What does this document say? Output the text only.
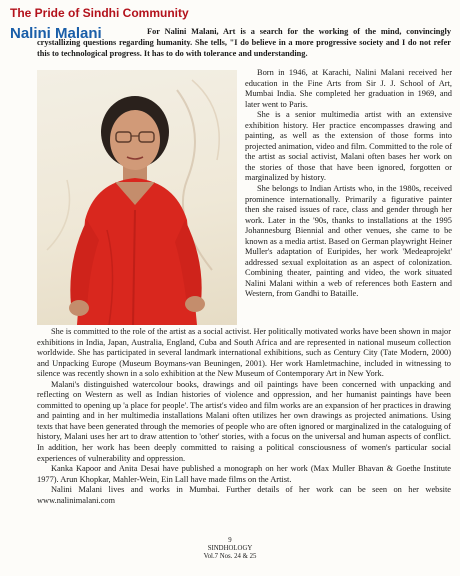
The Pride of Sindhi Community
Nalini Malani	For Nalini Malani, Art is a search for the working of the mind, convincingly crystallizing questions regarding humanity. She tells, "I do believe in a more progressive society and I do not refer this to technological progress. It has to do with tolerance and understanding.

Born in 1946, at Karachi, Nalini Malani received her education in the Fine Arts from Sir J. J. School of Art, Mumbai India. She completed her graduation in 1969, and later went to Paris.

She is a senior multimedia artist with an extensive exhibition history. Her practice encompasses drawing and painting, as well as the extension of those forms into projected animation, video and film. Committed to the role of the artist as social activist, Malani often bases her work on the stories of those that have been ignored, forgotten or marginalized by history.

She belongs to Indian Artists who, in the 1980s, received prominence internationally. Primarily a figurative painter then she raised issues of race, class and gender through her work. Later in the '90s, thanks to installations at the 1995 Johannesburg Biennial and other venues, she came to be known as a media artist. Based on German playwright Heiner Muller's adaptation of Euripides, her work 'Medeaprojekt' addressed sexual exploitation as an aspect of colonization. Combining theater, painting and video, the work situated Nalini Malani within a web of references both Eastern and Western, from Gandhi to Bataille.

She is committed to the role of the artist as a social activist. Her politically motivated works have been shown in major exhibitions in India, Japan, Australia, England, Cuba and South Africa and are represented in national museum collection worldwide. She has participated in several landmark international exhibitions, such as Century City (Tate Modern, 2000) and Unpacking Europe (Museum Boymans-van Beuningen, 2001). Her work Hamletmachine, included in witnessing to silence was recently shown in a solo exhibition at the New Museum of Contemporary Art in New York.

Malani's distinguished watercolour books, drawings and oil paintings have been concerned with unpacking and reflecting on Western as well as Indian histories of violence and oppression, and her humanist paintings have been committed to opening up 'a place for people'. The artist's video and film works are an expansion of her practices in drawing and painting and in her multimedia installations Malani often utilizes her own drawings as projected animations. Using texts that have been generated through the memories of people who are often ignored or marginalized in the cataloguing of history, Malani uses her art to draw attention to 'other' stories, with a focus on the universal and human aspects of conflict. In addition, her work has been deeply committed to raising a political consciousness of women's particular social experiences of vulnerability and oppression.

Kanka Kapoor and Anita Desai have published a monograph on her work (Max Muller Bhavan & Goethe Institute 1977). Arun Khopkar, Mahler-Wein, Ein Lall have made films on the Artist.

Nalini Malani lives and works in Mumbai. Further details of her work can be seen on her website www.nalinimalani.com

9
SINDHOLOGY
Vol.7 Nos. 24 & 25
